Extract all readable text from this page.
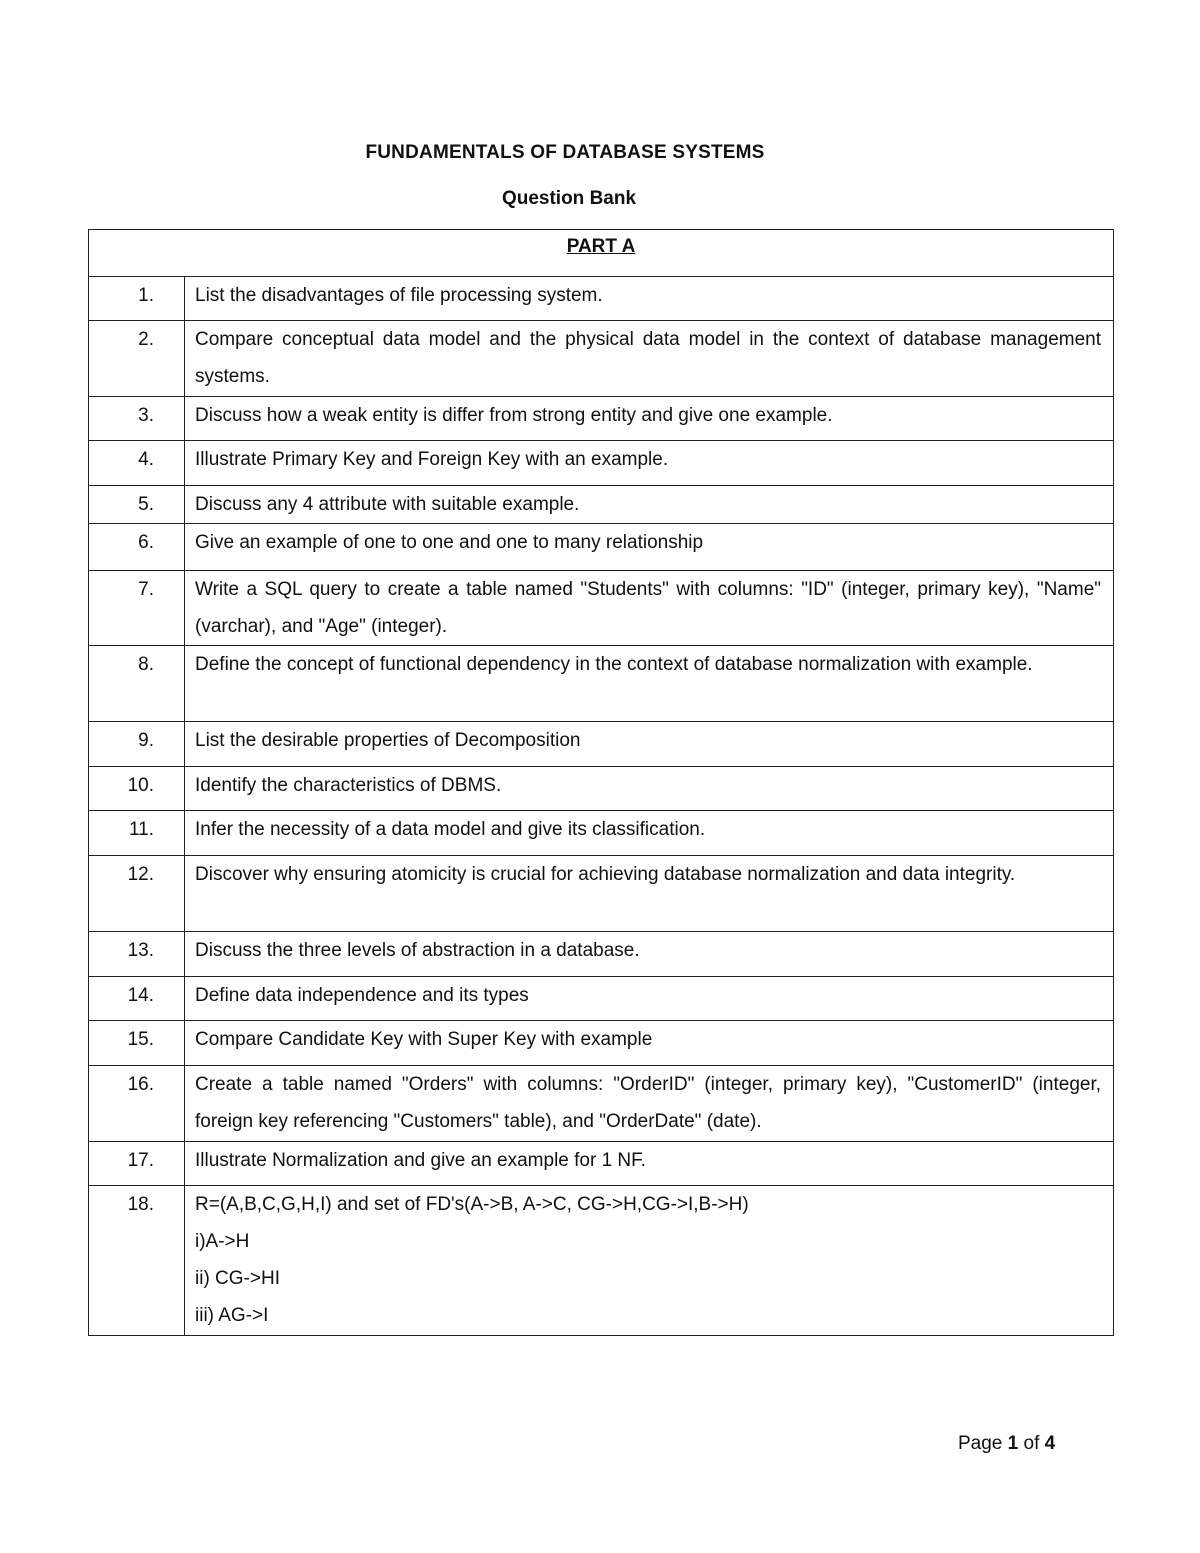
FUNDAMENTALS OF DATABASE SYSTEMS
Question Bank
PART A	
1.	List the disadvantages of file processing system.

2.	Compare conceptual data model and the physical data model in the context of database management systems.

3.	Discuss how a weak entity is differ from strong entity and give one example.

4.	Illustrate Primary Key and Foreign Key with an example.

5.	Discuss any 4 attribute with suitable example.

6.	Give an example of one to one and one to many relationship

7.	Write a SQL query to create a table named "Students" with columns: "ID" (integer, primary key), "Name" (varchar), and "Age" (integer).

8.	Define the concept of functional dependency in the context of database normalization with example.

9.	List the desirable properties of Decomposition

10.	Identify the characteristics of DBMS.

11.	Infer the necessity of a data model and give its classification.

12.	Discover why ensuring atomicity is crucial for achieving database normalization and data integrity.

13.	Discuss the three levels of abstraction in a database.

14.	Define data independence and its types

15.	Compare Candidate Key with Super Key with example

16.	Create a table named "Orders" with columns: "OrderID" (integer, primary key), "CustomerID" (integer, foreign key referencing "Customers" table), and "OrderDate" (date).

17.	Illustrate Normalization and give an example for 1 NF.

18.	R=(A,B,C,G,H,I) and set of FD's(A->B, A->C, CG->H,CG->I,B->H)
i)A->H
ii) CG->HI
iii) AG->I
Page 1 of 4
